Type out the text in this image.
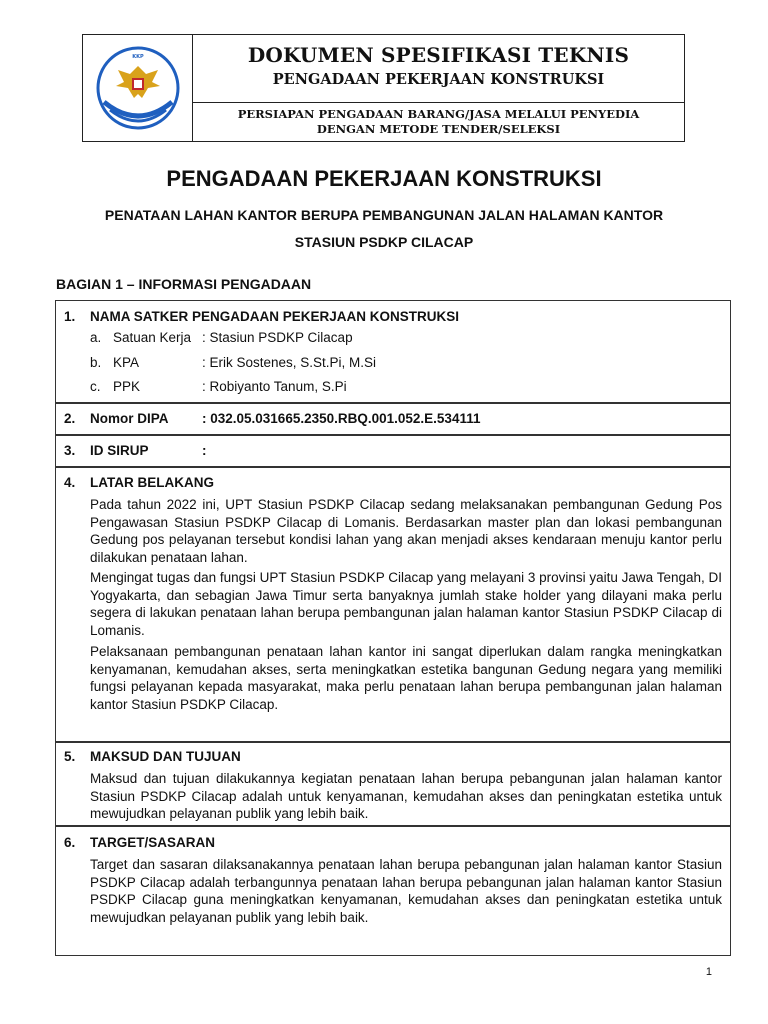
KKP	DOKUMEN SPESIFIKASI TEKNIS
PENGADAAN PEKERJAAN KONSTRUKSI
PERSIAPAN PENGADAAN BARANG/JASA MELALUI PENYEDIA
DENGAN METODE TENDER/SELEKSI
PENGADAAN PEKERJAAN KONSTRUKSI
PENATAAN LAHAN KANTOR BERUPA PEMBANGUNAN JALAN HALAMAN KANTOR
STASIUN PSDKP CILACAP
BAGIAN 1 – INFORMASI PENGADAAN
1. NAMA SATKER PENGADAAN PEKERJAAN KONSTRUKSI
a. Satuan Kerja : Stasiun PSDKP Cilacap
b. KPA	: Erik Sostenes, S.St.Pi, M.Si
c. PPK	: Robiyanto Tanum, S.Pi
2. Nomor DIPA : 032.05.031665.2350.RBQ.001.052.E.534111
3. ID SIRUP	:
4. LATAR BELAKANG
Pada tahun 2022 ini, UPT Stasiun PSDKP Cilacap sedang melaksanakan pembangunan Gedung Pos Pengawasan Stasiun PSDKP Cilacap di Lomanis. Berdasarkan master plan dan lokasi pembangunan Gedung pos pelayanan tersebut kondisi lahan yang akan menjadi akses kendaraan menuju kantor perlu dilakukan penataan lahan.
Mengingat tugas dan fungsi UPT Stasiun PSDKP Cilacap yang melayani 3 provinsi yaitu Jawa Tengah, DI Yogyakarta, dan sebagian Jawa Timur serta banyaknya jumlah stake holder yang dilayani maka perlu segera di lakukan penataan lahan berupa pembangunan jalan halaman kantor Stasiun PSDKP Cilacap di Lomanis.
Pelaksanaan pembangunan penataan lahan kantor ini sangat diperlukan dalam rangka meningkatkan kenyamanan, kemudahan akses, serta meningkatkan estetika bangunan Gedung negara yang memiliki fungsi pelayanan kepada masyarakat, maka perlu penataan lahan berupa pembangunan jalan halaman kantor Stasiun PSDKP Cilacap.
5. MAKSUD DAN TUJUAN
Maksud dan tujuan dilakukannya kegiatan penataan lahan berupa pebangunan jalan halaman kantor Stasiun PSDKP Cilacap adalah untuk kenyamanan, kemudahan akses dan peningkatan estetika untuk mewujudkan pelayanan publik yang lebih baik.
6. TARGET/SASARAN
Target dan sasaran dilaksanakannya penataan lahan berupa pebangunan jalan halaman kantor Stasiun PSDKP Cilacap adalah terbangunnya penataan lahan berupa pebangunan jalan halaman kantor Stasiun PSDKP Cilacap guna meningkatkan kenyamanan, kemudahan akses dan peningkatan estetika untuk mewujudkan pelayanan publik yang lebih baik.
1
